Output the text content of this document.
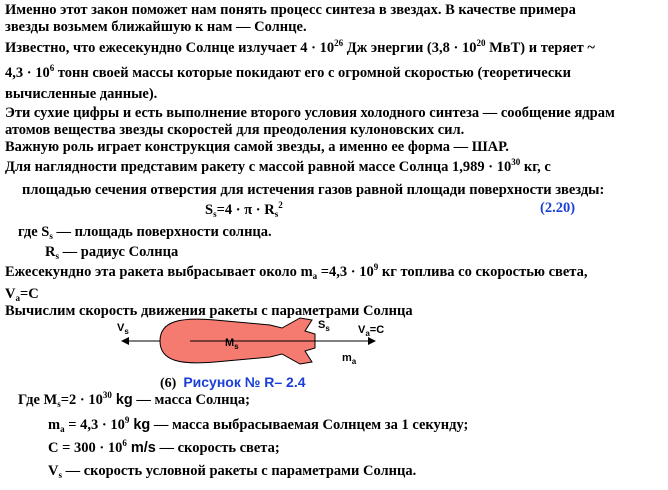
Именно этот закон поможет нам понять процесс синтеза в звездах. В качестве примера
звезды возьмем ближайшую к нам — Солнце.
Известно, что ежесекундно Солнце излучает $4 \cdot 10^{26}$ Дж энергии ($3,8 \cdot 10^{20}$ МвТ) и теряет ~
$4,3 \cdot 10^6$ тонн своей массы которые покидают его с огромной скоростью (теоретически
вычисленные данные).
Эти сухие цифры и есть выполнение второго условия холодного синтеза — сообщение ядрам
атомов вещества звезды скоростей для преодоления кулоновских сил.
Важную роль играет конструкция самой звезды, а именно ее форма — ШАР.
Для наглядности представим ракету с массой равной массе Солнца $1,989 \cdot 10^{30}$ кг, с
площадью сечения отверстия для истечения газов равной площади поверхности звезды:
$S_s=4 \cdot \pi \cdot R_s^2$	(2.20)
где $S_s$ — площадь поверхности солнца.
$R_s$ — радиус Солнца
Ежесекундно эта ракета выбрасывает около $m_a =4,3 \cdot 10^9$ кг топлива со скоростью света,
$V_a=C$
Вычислим скорость движения ракеты с параметрами Солнца
$V_s$
$M_s$
$S_s$	$V_a=C$
$m_a$
(6) Рисунок № R– 2.4
Где $M_s=2 \cdot 10^{30}$ kg — масса Солнца;
$m_a = 4,3 \cdot 10^9$ kg — масса выбрасываемая Солнцем за 1 секунду;
$C = 300 \cdot 10^6$ m/s — скорость света;
$V_s$ — скорость условной ракеты с параметрами Солнца.
